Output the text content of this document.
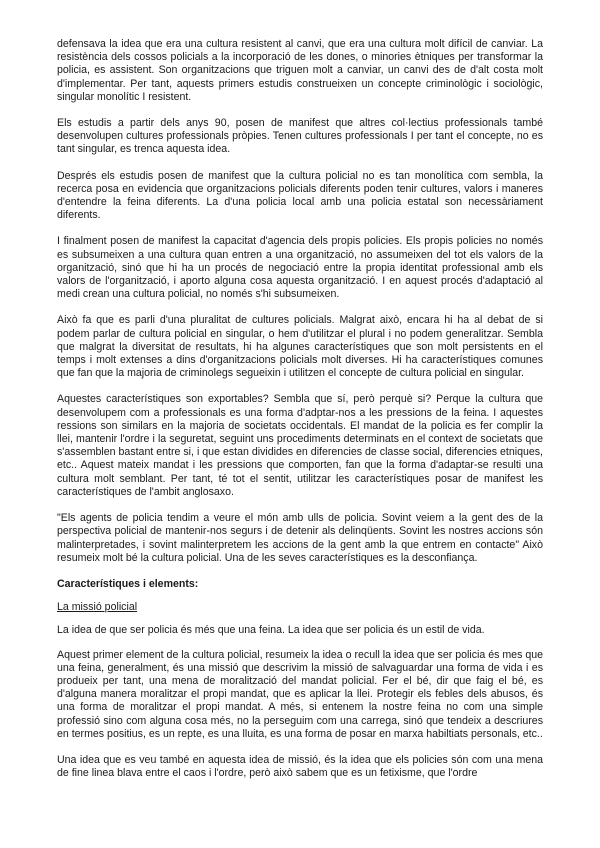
defensava la idea que era una cultura resistent al canvi, que era una cultura molt difícil de canviar. La resistència dels cossos policials a la incorporació de les dones, o minories ètniques per transformar la policia, es assistent. Son organitzacions que triguen molt a canviar, un canvi des de d'alt costa molt d'implementar. Per tant, aquests primers estudis construeixen un concepte criminològic i sociològic, singular monolític I resistent.

Els estudis a partir dels anys 90, posen de manifest que altres col·lectius professionals també desenvolupen cultures professionals pròpies. Tenen cultures professionals I per tant el concepte, no es tant singular, es trenca aquesta idea.

Després els estudis posen de manifest que la cultura policial no es tan monolítica com sembla, la recerca posa en evidencia que organitzacions policials diferents poden tenir cultures, valors i maneres d'entendre la feina diferents. La d'una policia local amb una policia estatal son necessàriament diferents.

I finalment posen de manifest la capacitat d'agencia dels propis policies. Els propis policies no només es subsumeixen a una cultura quan entren a una organització, no assumeixen del tot els valors de la organització, sinó que hi ha un procés de negociació entre la propia identitat professional amb els valors de l'organització, i aporto alguna cosa aquesta organització. I en aquest procés d'adaptació al medi crean una cultura policial, no només s'hi subsumeixen.

Això fa que es parli d'una pluralitat de cultures policials. Malgrat això, encara hi ha al debat de si podem parlar de cultura policial en singular, o hem d'utilitzar el plural i no podem generalitzar. Sembla que malgrat la diversitat de resultats, hi ha algunes característiques que son molt persistents en el temps i molt extenses a dins d'organitzacions policials molt diverses. Hi ha característiques comunes que fan que la majoria de criminolegs segueixin i utilitzen el concepte de cultura policial en singular.

Aquestes característiques son exportables? Sembla que sí, però perquè si? Perque la cultura que desenvolupem com a professionals es una forma d'adptar-nos a les pressions de la feina. I aquestes ressions son similars en la majoria de societats occidentals. El mandat de la policia es fer complir la llei, mantenir l'ordre i la seguretat, seguint uns procediments determinats en el context de societats que s'assemblen bastant entre si, i que estan dividides en diferencies de classe social, diferencies etniques, etc.. Aquest mateix mandat i les pressions que comporten, fan que la forma d'adaptar-se resulti una cultura molt semblant. Per tant, té tot el sentit, utilitzar les característiques posar de manifest les característiques de l'ambit anglosaxo.

"Els agents de policia tendim a veure el món amb ulls de policia. Sovint veiem a la gent des de la perspectiva policial de mantenir-nos segurs i de detenir als delinqüents. Sovint les nostres accions són malinterpretades, i sovint malinterpretem les accions de la gent amb la que entrem en contacte" Això resumeix molt bé la cultura policial. Una de les seves característiques es la desconfiança.

Característiques i elements:
La missió policial

La idea de que ser policia és més que una feina. La idea que ser policia és un estil de vida.

Aquest primer element de la cultura policial, resumeix la idea o recull la idea que ser policia és mes que una feina, generalment, és una missió que descrivim la missió de salvaguardar una forma de vida i es produeix per tant, una mena de moralització del mandat policial. Fer el bé, dir que faig el bé, es d'alguna manera moralitzar el propi mandat, que es aplicar la llei. Protegir els febles dels abusos, és una forma de moralitzar el propi mandat. A més, si entenem la nostre feina no com una simple professió sino com alguna cosa més, no la perseguim com una carrega, sinó que tendeix a descriures en termes positius, es un repte, es una lluita, es una forma de posar en marxa habiltiats personals, etc..

Una idea que es veu també en aquesta idea de missió, és la idea que els policies són com una mena de fine linea blava entre el caos i l'ordre, però això sabem que es un fetixisme, que l'ordre
